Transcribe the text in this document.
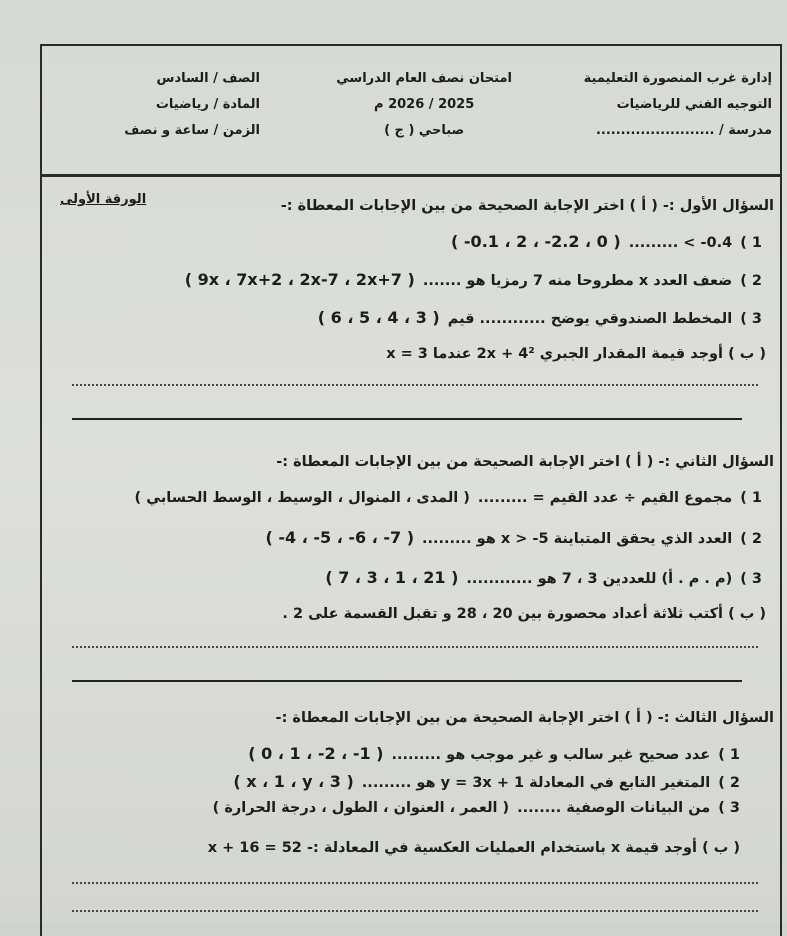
إدارة غرب المنصورة التعليمية
التوجيه الفني للرياضيات
مدرسة / ........................
امتحان نصف العام الدراسي
2025 / 2026 م
صباحي ( ج )
الصف / السادس
المادة / رياضيات
الزمن / ساعة و نصف
الورقة الأولى	السؤال الأول :- ( أ ) اختر الإجابة الصحيحة من بين الإجابات المعطاة :-
1 )
......... < -0.4
( -0.1 ، 2 ، -2.2 ، 0 )
2 )
ضعف العدد x مطروحا منه 7 رمزيا هو .......
( 9x ، 7x+2 ، 2x-7 ، 2x+7 )
3 )
المخطط الصندوقي يوضح ............ قيم
( 6 ، 5 ، 4 ، 3 )
( ب ) أوجد قيمة المقدار الجبري 2x + 4² عندما x = 3
السؤال الثاني :- ( أ ) اختر الإجابة الصحيحة من بين الإجابات المعطاة :-
1 )
مجموع القيم ÷ عدد القيم = .........
( المدى ، المنوال ، الوسيط ، الوسط الحسابي )
2 )
العدد الذي يحقق المتباينة x > -5 هو .........
( -4 ، -5 ، -6 ، -7 )
3 )
(م . م . أ) للعددين 3 ، 7 هو ............
( 7 ، 3 ، 1 ، 21 )
( ب ) أكتب ثلاثة أعداد محصورة بين 20 ، 28 و تقبل القسمة على 2 .
السؤال الثالث :- ( أ ) اختر الإجابة الصحيحة من بين الإجابات المعطاة :-
1 )
عدد صحيح غير سالب و غير موجب هو .........
( 0 ، 1 ، -2 ، -1 )
2 )
المتغير التابع في المعادلة y = 3x + 1 هو .........
( x ، 1 ، y ، 3 )
3 )
من البيانات الوصفية ........
( العمر ، العنوان ، الطول ، درجة الحرارة )
( ب ) أوجد قيمة x باستخدام العمليات العكسية في المعادلة :- x + 16 = 52
